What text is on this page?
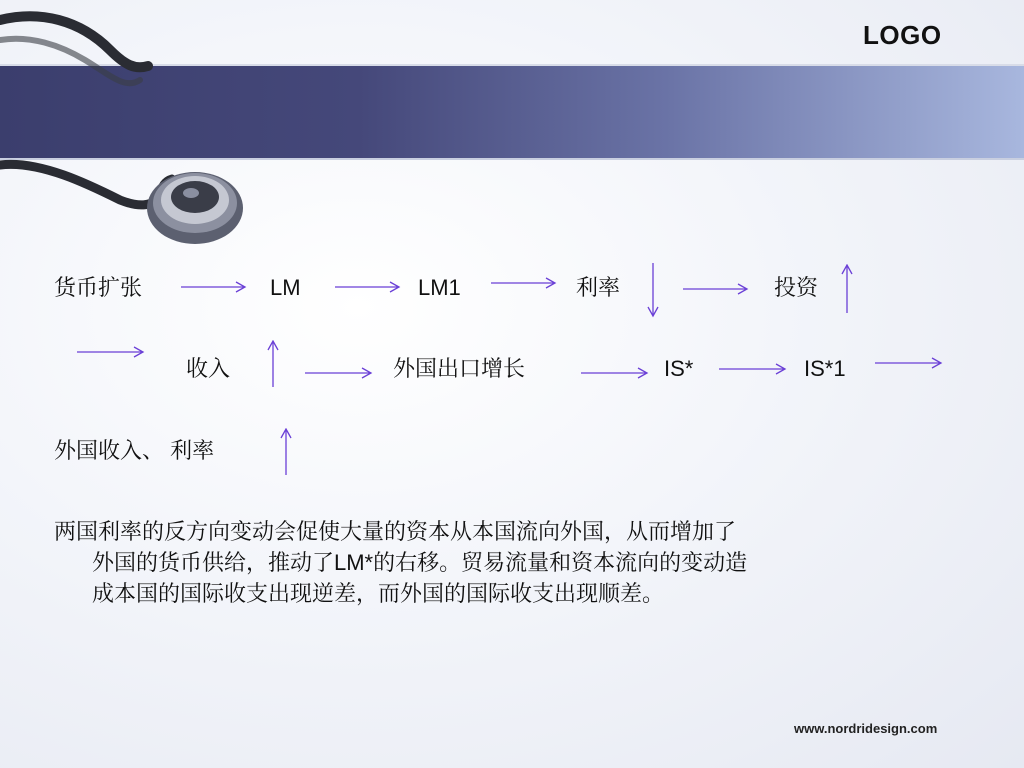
LOGO
货币扩张	LM	LM1	利率	投资
收入	外国出口增长	IS*	IS*1
外国收入、 利率
两国利率的反方向变动会促使大量的资本从本国流向外国，从而增加了
外国的货币供给，推动了LM*的右移。贸易流量和资本流向的变动造
成本国的国际收支出现逆差，而外国的国际收支出现顺差。
www.nordridesign.com
